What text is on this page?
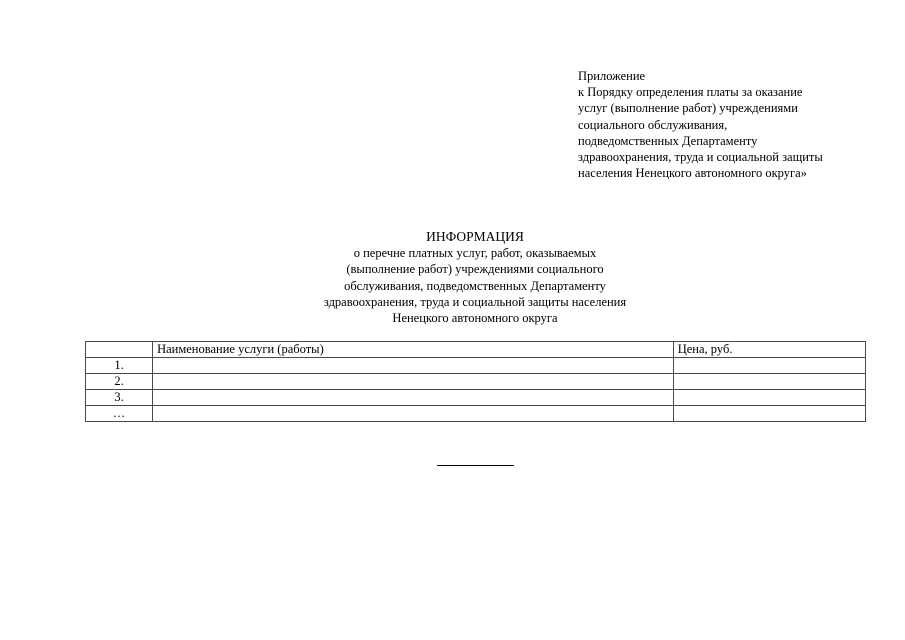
Приложение
к Порядку определения платы за оказание
услуг (выполнение работ) учреждениями
социального обслуживания,
подведомственных Департаменту
здравоохранения, труда и социальной защиты
населения Ненецкого автономного округа»
ИНФОРМАЦИЯ
о перечне платных услуг, работ, оказываемых
(выполнение работ) учреждениями социального
обслуживания, подведомственных Департаменту
здравоохранения, труда и социальной защиты населения
Ненецкого автономного округа
	Наименование услуги (работы)	Цена, руб.
1.		
2.		
3.		
…		
